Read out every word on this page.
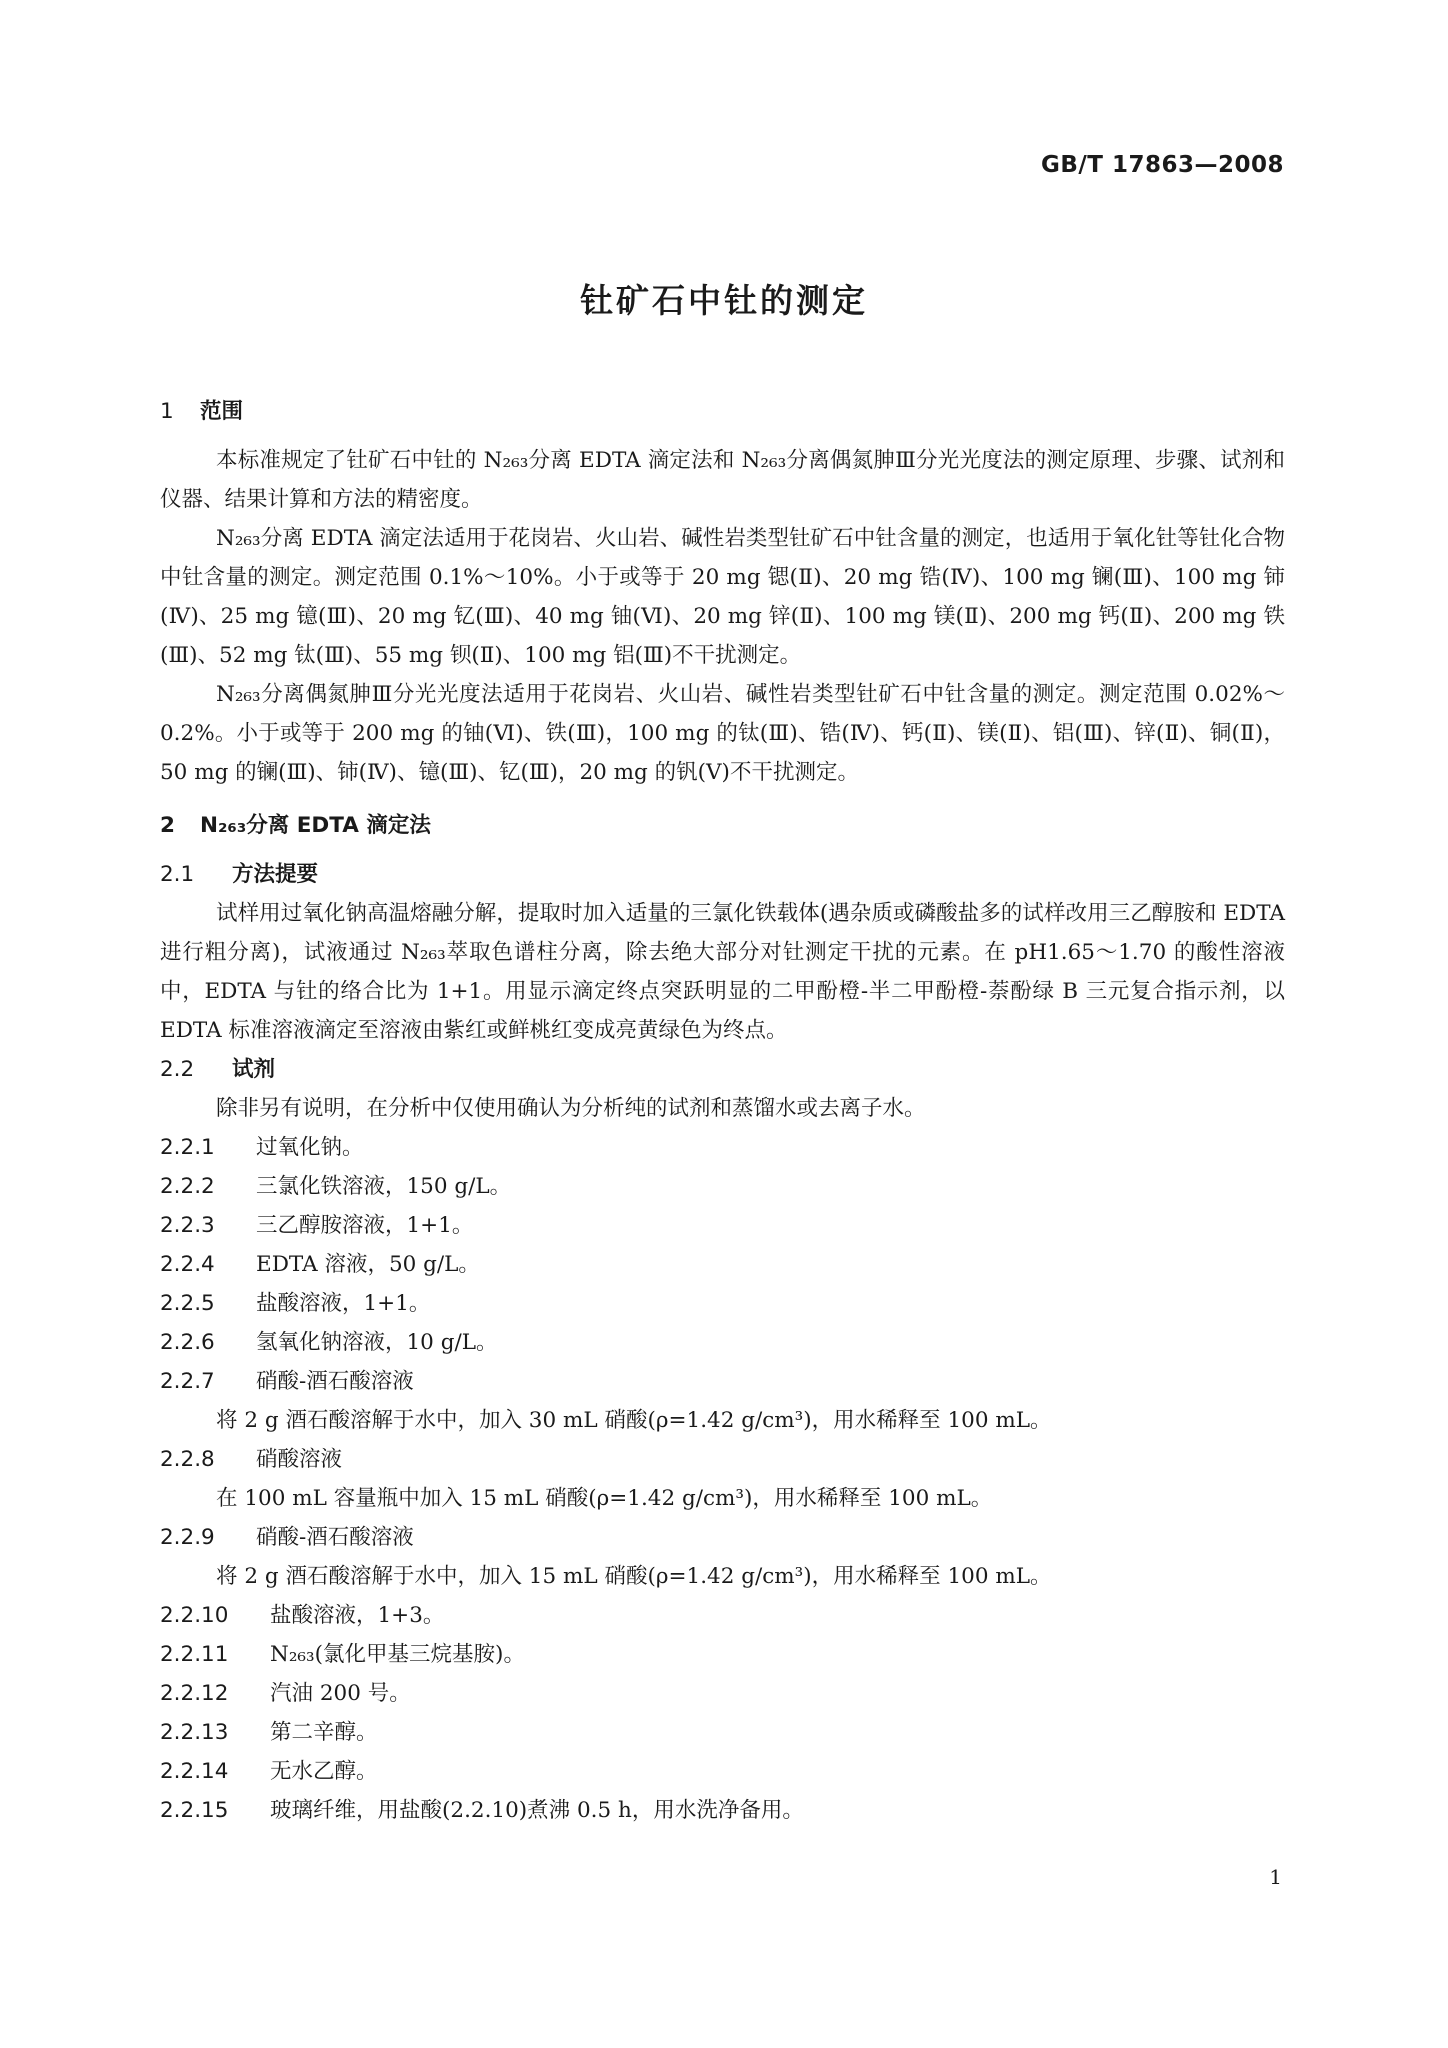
GB/T 17863—2008
钍矿石中钍的测定
1 范围

本标准规定了钍矿石中钍的 N₂₆₃分离 EDTA 滴定法和 N₂₆₃分离偶氮胂Ⅲ分光光度法的测定原理、步骤、试剂和仪器、结果计算和方法的精密度。

N₂₆₃分离 EDTA 滴定法适用于花岗岩、火山岩、碱性岩类型钍矿石中钍含量的测定，也适用于氧化钍等钍化合物中钍含量的测定。测定范围 0.1%～10%。小于或等于 20 mg 锶(Ⅱ)、20 mg 锆(Ⅳ)、100 mg 镧(Ⅲ)、100 mg 铈(Ⅳ)、25 mg 镱(Ⅲ)、20 mg 钇(Ⅲ)、40 mg 铀(Ⅵ)、20 mg 锌(Ⅱ)、100 mg 镁(Ⅱ)、200 mg 钙(Ⅱ)、200 mg 铁(Ⅲ)、52 mg 钛(Ⅲ)、55 mg 钡(Ⅱ)、100 mg 铝(Ⅲ)不干扰测定。

N₂₆₃分离偶氮胂Ⅲ分光光度法适用于花岗岩、火山岩、碱性岩类型钍矿石中钍含量的测定。测定范围 0.02%～0.2%。小于或等于 200 mg 的铀(Ⅵ)、铁(Ⅲ)，100 mg 的钛(Ⅲ)、锆(Ⅳ)、钙(Ⅱ)、镁(Ⅱ)、铝(Ⅲ)、锌(Ⅱ)、铜(Ⅱ)，50 mg 的镧(Ⅲ)、铈(Ⅳ)、镱(Ⅲ)、钇(Ⅲ)，20 mg 的钒(Ⅴ)不干扰测定。

2 N₂₆₃分离 EDTA 滴定法
2.1 方法提要

试样用过氧化钠高温熔融分解，提取时加入适量的三氯化铁载体(遇杂质或磷酸盐多的试样改用三乙醇胺和 EDTA 进行粗分离)，试液通过 N₂₆₃萃取色谱柱分离，除去绝大部分对钍测定干扰的元素。在 pH1.65～1.70 的酸性溶液中，EDTA 与钍的络合比为 1+1。用显示滴定终点突跃明显的二甲酚橙-半二甲酚橙-萘酚绿 B 三元复合指示剂，以 EDTA 标准溶液滴定至溶液由紫红或鲜桃红变成亮黄绿色为终点。

2.2 试剂

除非另有说明，在分析中仅使用确认为分析纯的试剂和蒸馏水或去离子水。

2.2.1 过氧化钠。
2.2.2 三氯化铁溶液，150 g/L。
2.2.3 三乙醇胺溶液，1+1。
2.2.4 EDTA 溶液，50 g/L。
2.2.5 盐酸溶液，1+1。
2.2.6 氢氧化钠溶液，10 g/L。
2.2.7 硝酸-酒石酸溶液

将 2 g 酒石酸溶解于水中，加入 30 mL 硝酸(ρ=1.42 g/cm³)，用水稀释至 100 mL。

2.2.8 硝酸溶液

在 100 mL 容量瓶中加入 15 mL 硝酸(ρ=1.42 g/cm³)，用水稀释至 100 mL。

2.2.9 硝酸-酒石酸溶液

将 2 g 酒石酸溶解于水中，加入 15 mL 硝酸(ρ=1.42 g/cm³)，用水稀释至 100 mL。

2.2.10 盐酸溶液，1+3。
2.2.11 N₂₆₃(氯化甲基三烷基胺)。
2.2.12 汽油 200 号。
2.2.13 第二辛醇。
2.2.14 无水乙醇。
2.2.15 玻璃纤维，用盐酸(2.2.10)煮沸 0.5 h，用水洗净备用。
1
